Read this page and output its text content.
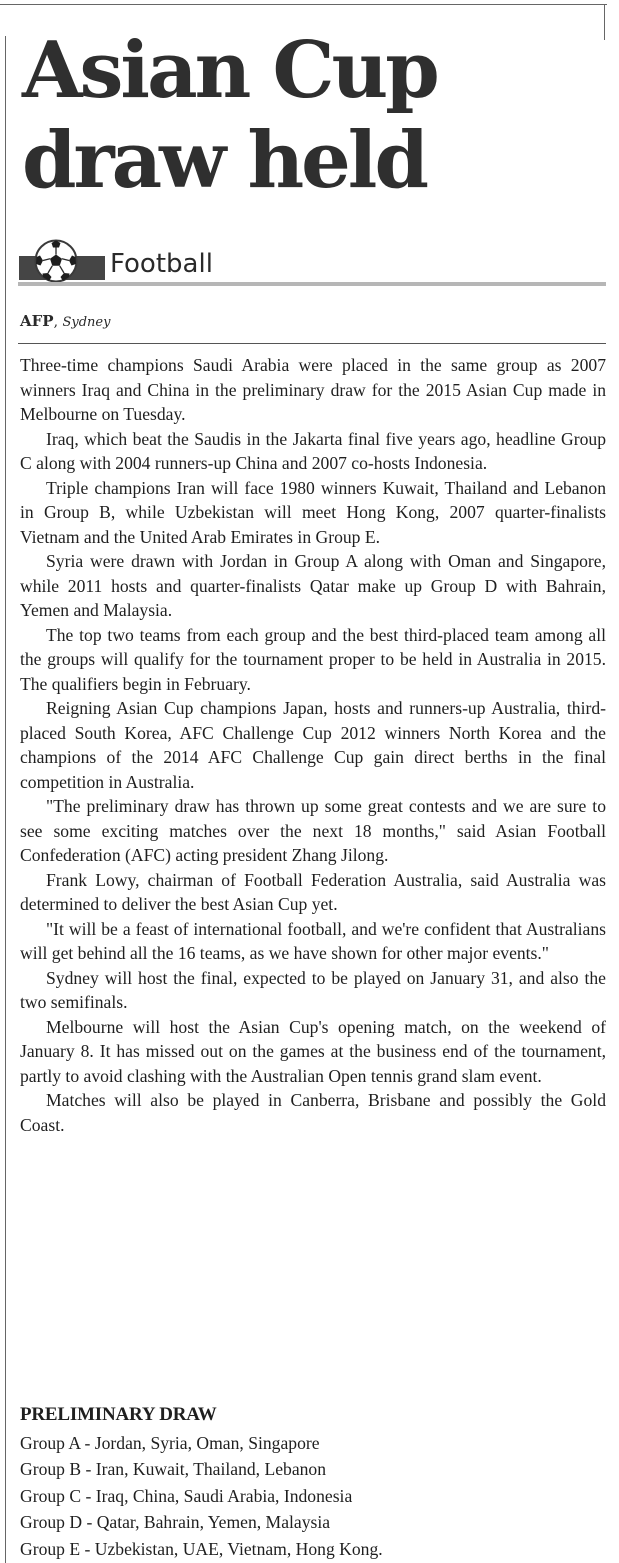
Asian Cup draw held
Football
AFP, Sydney

Three-time champions Saudi Arabia were placed in the same group as 2007 winners Iraq and China in the preliminary draw for the 2015 Asian Cup made in Melbourne on Tuesday.

Iraq, which beat the Saudis in the Jakarta final five years ago, headline Group C along with 2004 runners-up China and 2007 co-hosts Indonesia.

Triple champions Iran will face 1980 winners Kuwait, Thailand and Lebanon in Group B, while Uzbekistan will meet Hong Kong, 2007 quarter-finalists Vietnam and the United Arab Emirates in Group E.

Syria were drawn with Jordan in Group A along with Oman and Singapore, while 2011 hosts and quarter-finalists Qatar make up Group D with Bahrain, Yemen and Malaysia.

The top two teams from each group and the best third-placed team among all the groups will qualify for the tournament proper to be held in Australia in 2015. The qualifiers begin in February.

Reigning Asian Cup champions Japan, hosts and runners-up Australia, third-placed South Korea, AFC Challenge Cup 2012 winners North Korea and the champions of the 2014 AFC Challenge Cup gain direct berths in the final competition in Australia.

"The preliminary draw has thrown up some great contests and we are sure to see some exciting matches over the next 18 months," said Asian Football Confederation (AFC) acting president Zhang Jilong.

Frank Lowy, chairman of Football Federation Australia, said Australia was determined to deliver the best Asian Cup yet.

"It will be a feast of international football, and we're confident that Australians will get behind all the 16 teams, as we have shown for other major events."

Sydney will host the final, expected to be played on January 31, and also the two semifinals.

Melbourne will host the Asian Cup's opening match, on the weekend of January 8. It has missed out on the games at the business end of the tournament, partly to avoid clashing with the Australian Open tennis grand slam event.

Matches will also be played in Canberra, Brisbane and possibly the Gold Coast.

PRELIMINARY DRAW
Group A - Jordan, Syria, Oman, Singapore
Group B - Iran, Kuwait, Thailand, Lebanon
Group C - Iraq, China, Saudi Arabia, Indonesia
Group D - Qatar, Bahrain, Yemen, Malaysia
Group E - Uzbekistan, UAE, Vietnam, Hong Kong.
